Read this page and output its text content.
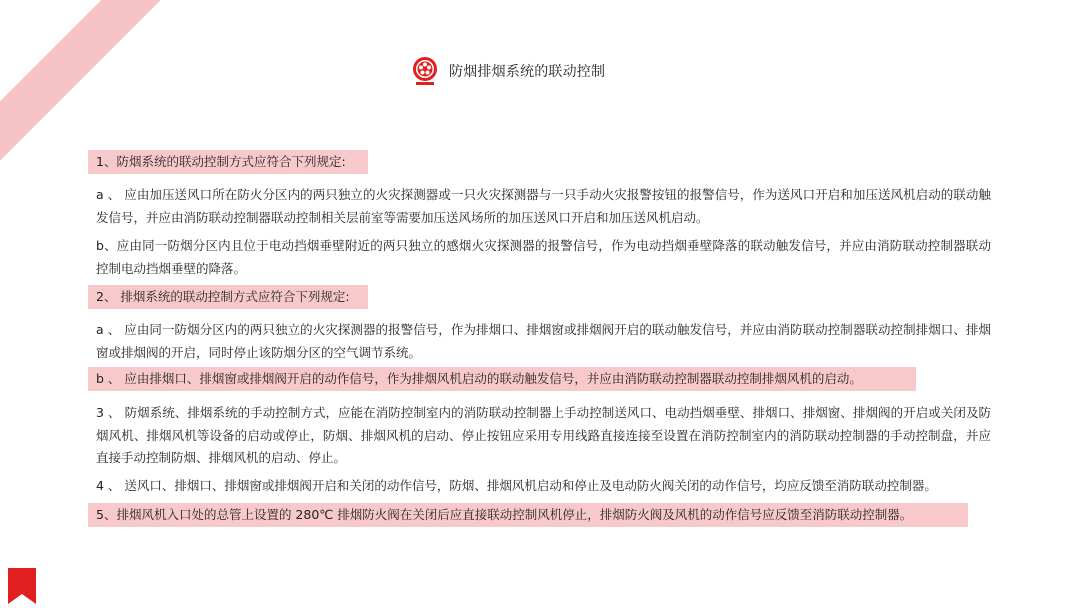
防烟排烟系统的联动控制
1、防烟系统的联动控制方式应符合下列规定:
a 、 应由加压送风口所在防火分区内的两只独立的火灾探测器或一只火灾探测器与一只手动火灾报警按钮的报警信号，作为送风口开启和加压送风机启动的联动触发信号，并应由消防联动控制器联动控制相关层前室等需要加压送风场所的加压送风口开启和加压送风机启动。
b、应由同一防烟分区内且位于电动挡烟垂壁附近的两只独立的感烟火灾探测器的报警信号，作为电动挡烟垂壁降落的联动触发信号，并应由消防联动控制器联动控制电动挡烟垂壁的降落。
2、 排烟系统的联动控制方式应符合下列规定:
a 、 应由同一防烟分区内的两只独立的火灾探测器的报警信号，作为排烟口、排烟窗或排烟阀开启的联动触发信号，并应由消防联动控制器联动控制排烟口、排烟窗或排烟阀的开启，同时停止该防烟分区的空气调节系统。
b 、 应由排烟口、排烟窗或排烟阀开启的动作信号，作为排烟风机启动的联动触发信号，并应由消防联动控制器联动控制排烟风机的启动。
3 、 防烟系统、排烟系统的手动控制方式，应能在消防控制室内的消防联动控制器上手动控制送风口、电动挡烟垂壁、排烟口、排烟窗、排烟阀的开启或关闭及防烟风机、排烟风机等设备的启动或停止，防烟、排烟风机的启动、停止按钮应采用专用线路直接连接至设置在消防控制室内的消防联动控制器的手动控制盘，并应直接手动控制防烟、排烟风机的启动、停止。
4 、 送风口、排烟口、排烟窗或排烟阀开启和关闭的动作信号，防烟、排烟风机启动和停止及电动防火阀关闭的动作信号，均应反馈至消防联动控制器。
5、排烟风机入口处的总管上设置的 280℃ 排烟防火阀在关闭后应直接联动控制风机停止，排烟防火阀及风机的动作信号应反馈至消防联动控制器。
